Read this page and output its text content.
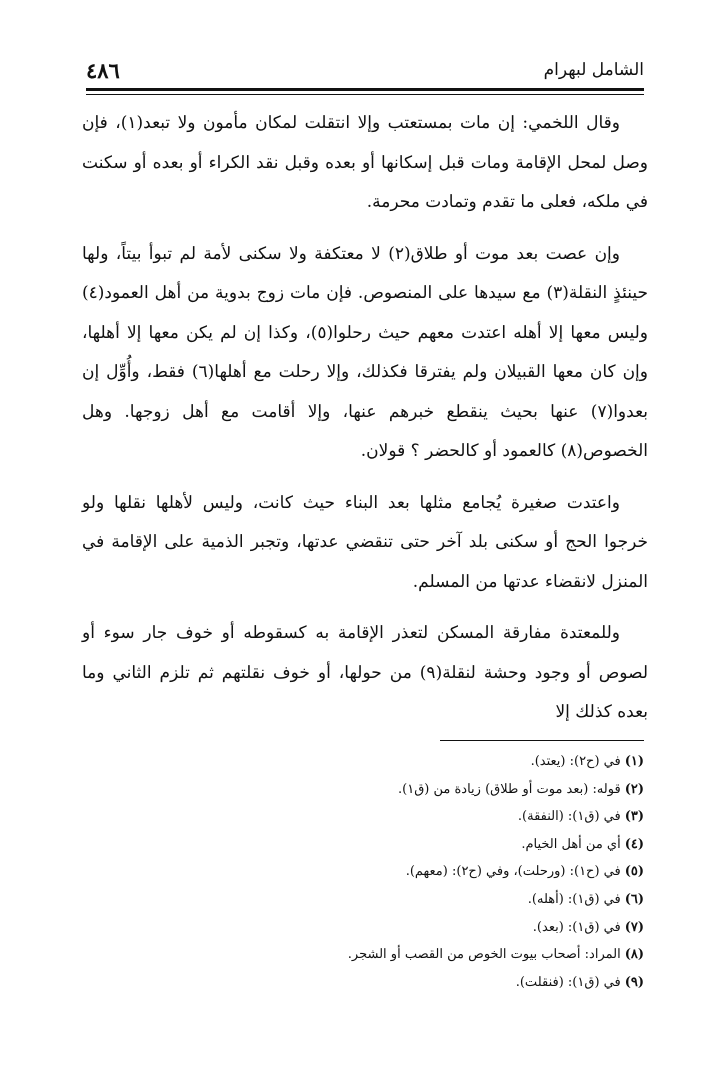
٤٨٦	الشامل لبهرام

وقال اللخمي: إن مات بمستعتب وإلا انتقلت لمكان مأمون ولا تبعد(١)، فإن وصل لمحل الإقامة ومات قبل إسكانها أو بعده وقبل نقد الكراء أو بعده أو سكنت في ملكه، فعلى ما تقدم وتمادت محرمة.

وإن عصت بعد موت أو طلاق(٢) لا معتكفة ولا سكنى لأمة لم تبوأ بيتاً، ولها حينئذٍ النقلة(٣) مع سيدها على المنصوص. فإن مات زوج بدوية من أهل العمود(٤) وليس معها إلا أهله اعتدت معهم حيث رحلوا(٥)، وكذا إن لم يكن معها إلا أهلها، وإن كان معها القبيلان ولم يفترقا فكذلك، وإلا رحلت مع أهلها(٦) فقط، وأُوِّل إن بعدوا(٧) عنها بحيث ينقطع خبرهم عنها، وإلا أقامت مع أهل زوجها. وهل الخصوص(٨) كالعمود أو كالحضر ؟ قولان.

واعتدت صغيرة يُجامع مثلها بعد البناء حيث كانت، وليس لأهلها نقلها ولو خرجوا الحج أو سكنى بلد آخر حتى تنقضي عدتها، وتجبر الذمية على الإقامة في المنزل لانقضاء عدتها من المسلم.

وللمعتدة مفارقة المسكن لتعذر الإقامة به كسقوطه أو خوف جار سوء أو لصوص أو وجود وحشة لنقلة(٩) من حولها، أو خوف نقلتهم ثم تلزم الثاني وما بعده كذلك إلا

(١)في (ح٢): (يعتد).
(٢)قوله: (بعد موت أو طلاق) زيادة من (ق١).
(٣)في (ق١): (النفقة).
(٤)أي من أهل الخيام.
(٥)في (ح١): (ورحلت)، وفي (ح٢): (معهم).
(٦)في (ق١): (أهله).
(٧)في (ق١): (بعد).
(٨)المراد: أصحاب بيوت الخوص من القصب أو الشجر.
(٩)في (ق١): (فنقلت).
